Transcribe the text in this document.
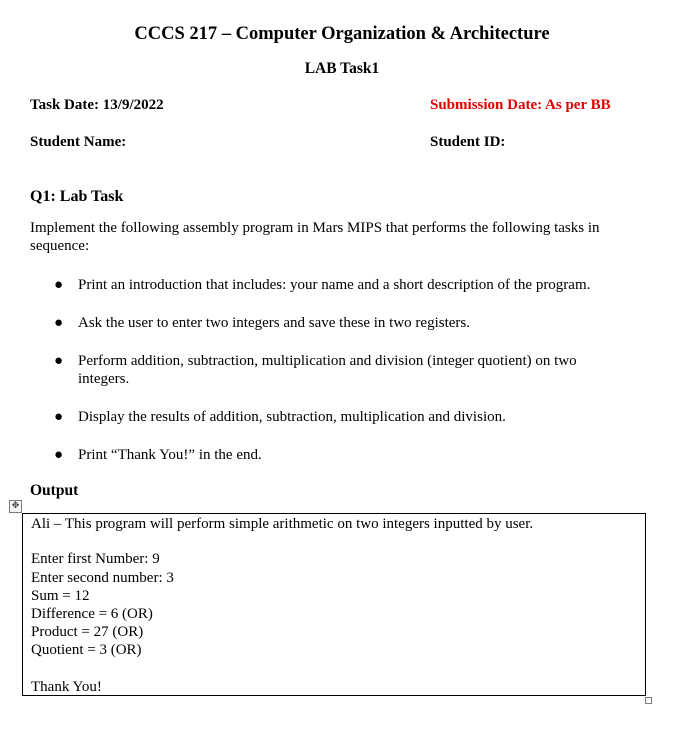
CCCS 217 – Computer Organization & Architecture
LAB Task1
Task Date: 13/9/2022	Submission Date: As per BB
Student Name:	Student ID:
Q1: Lab Task
Implement the following assembly program in Mars MIPS that performs the following tasks in sequence:
● Print an introduction that includes: your name and a short description of the program.
● Ask the user to enter two integers and save these in two registers.
● Perform addition, subtraction, multiplication and division (integer quotient) on two integers.
● Display the results of addition, subtraction, multiplication and division.
● Print “Thank You!” in the end.
Output
✥
Ali – This program will perform simple arithmetic on two integers inputted by user.
Enter first Number: 9
Enter second number: 3
Sum = 12
Difference = 6 (OR)
Product = 27 (OR)
Quotient = 3 (OR)
Thank You!
